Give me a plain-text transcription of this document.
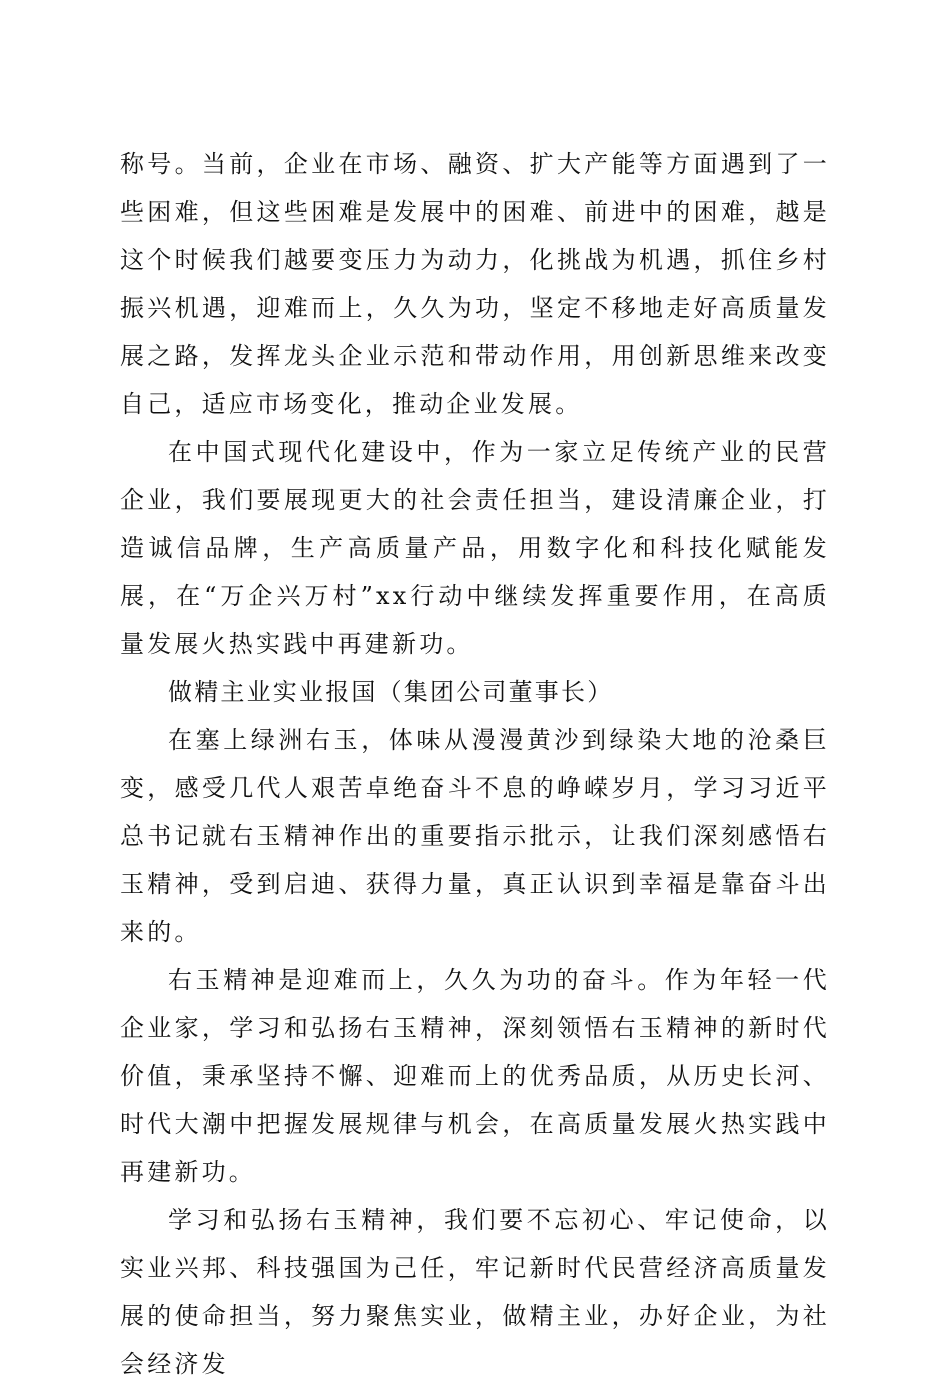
称号。当前，企业在市场、融资、扩大产能等方面遇到了一些困难，但这些困难是发展中的困难、前进中的困难，越是这个时候我们越要变压力为动力，化挑战为机遇，抓住乡村振兴机遇，迎难而上，久久为功，坚定不移地走好高质量发展之路，发挥龙头企业示范和带动作用，用创新思维来改变自己，适应市场变化，推动企业发展。

在中国式现代化建设中，作为一家立足传统产业的民营企业，我们要展现更大的社会责任担当，建设清廉企业，打造诚信品牌，生产高质量产品，用数字化和科技化赋能发展，在“万企兴万村”xx行动中继续发挥重要作用，在高质量发展火热实践中再建新功。

做精主业实业报国（集团公司董事长）

在塞上绿洲右玉，体味从漫漫黄沙到绿染大地的沧桑巨变，感受几代人艰苦卓绝奋斗不息的峥嵘岁月，学习习近平总书记就右玉精神作出的重要指示批示，让我们深刻感悟右玉精神，受到启迪、获得力量，真正认识到幸福是靠奋斗出来的。

右玉精神是迎难而上，久久为功的奋斗。作为年轻一代企业家，学习和弘扬右玉精神，深刻领悟右玉精神的新时代价值，秉承坚持不懈、迎难而上的优秀品质，从历史长河、时代大潮中把握发展规律与机会，在高质量发展火热实践中再建新功。

学习和弘扬右玉精神，我们要不忘初心、牢记使命，以实业兴邦、科技强国为己任，牢记新时代民营经济高质量发展的使命担当，努力聚焦实业，做精主业，办好企业，为社会经济发
